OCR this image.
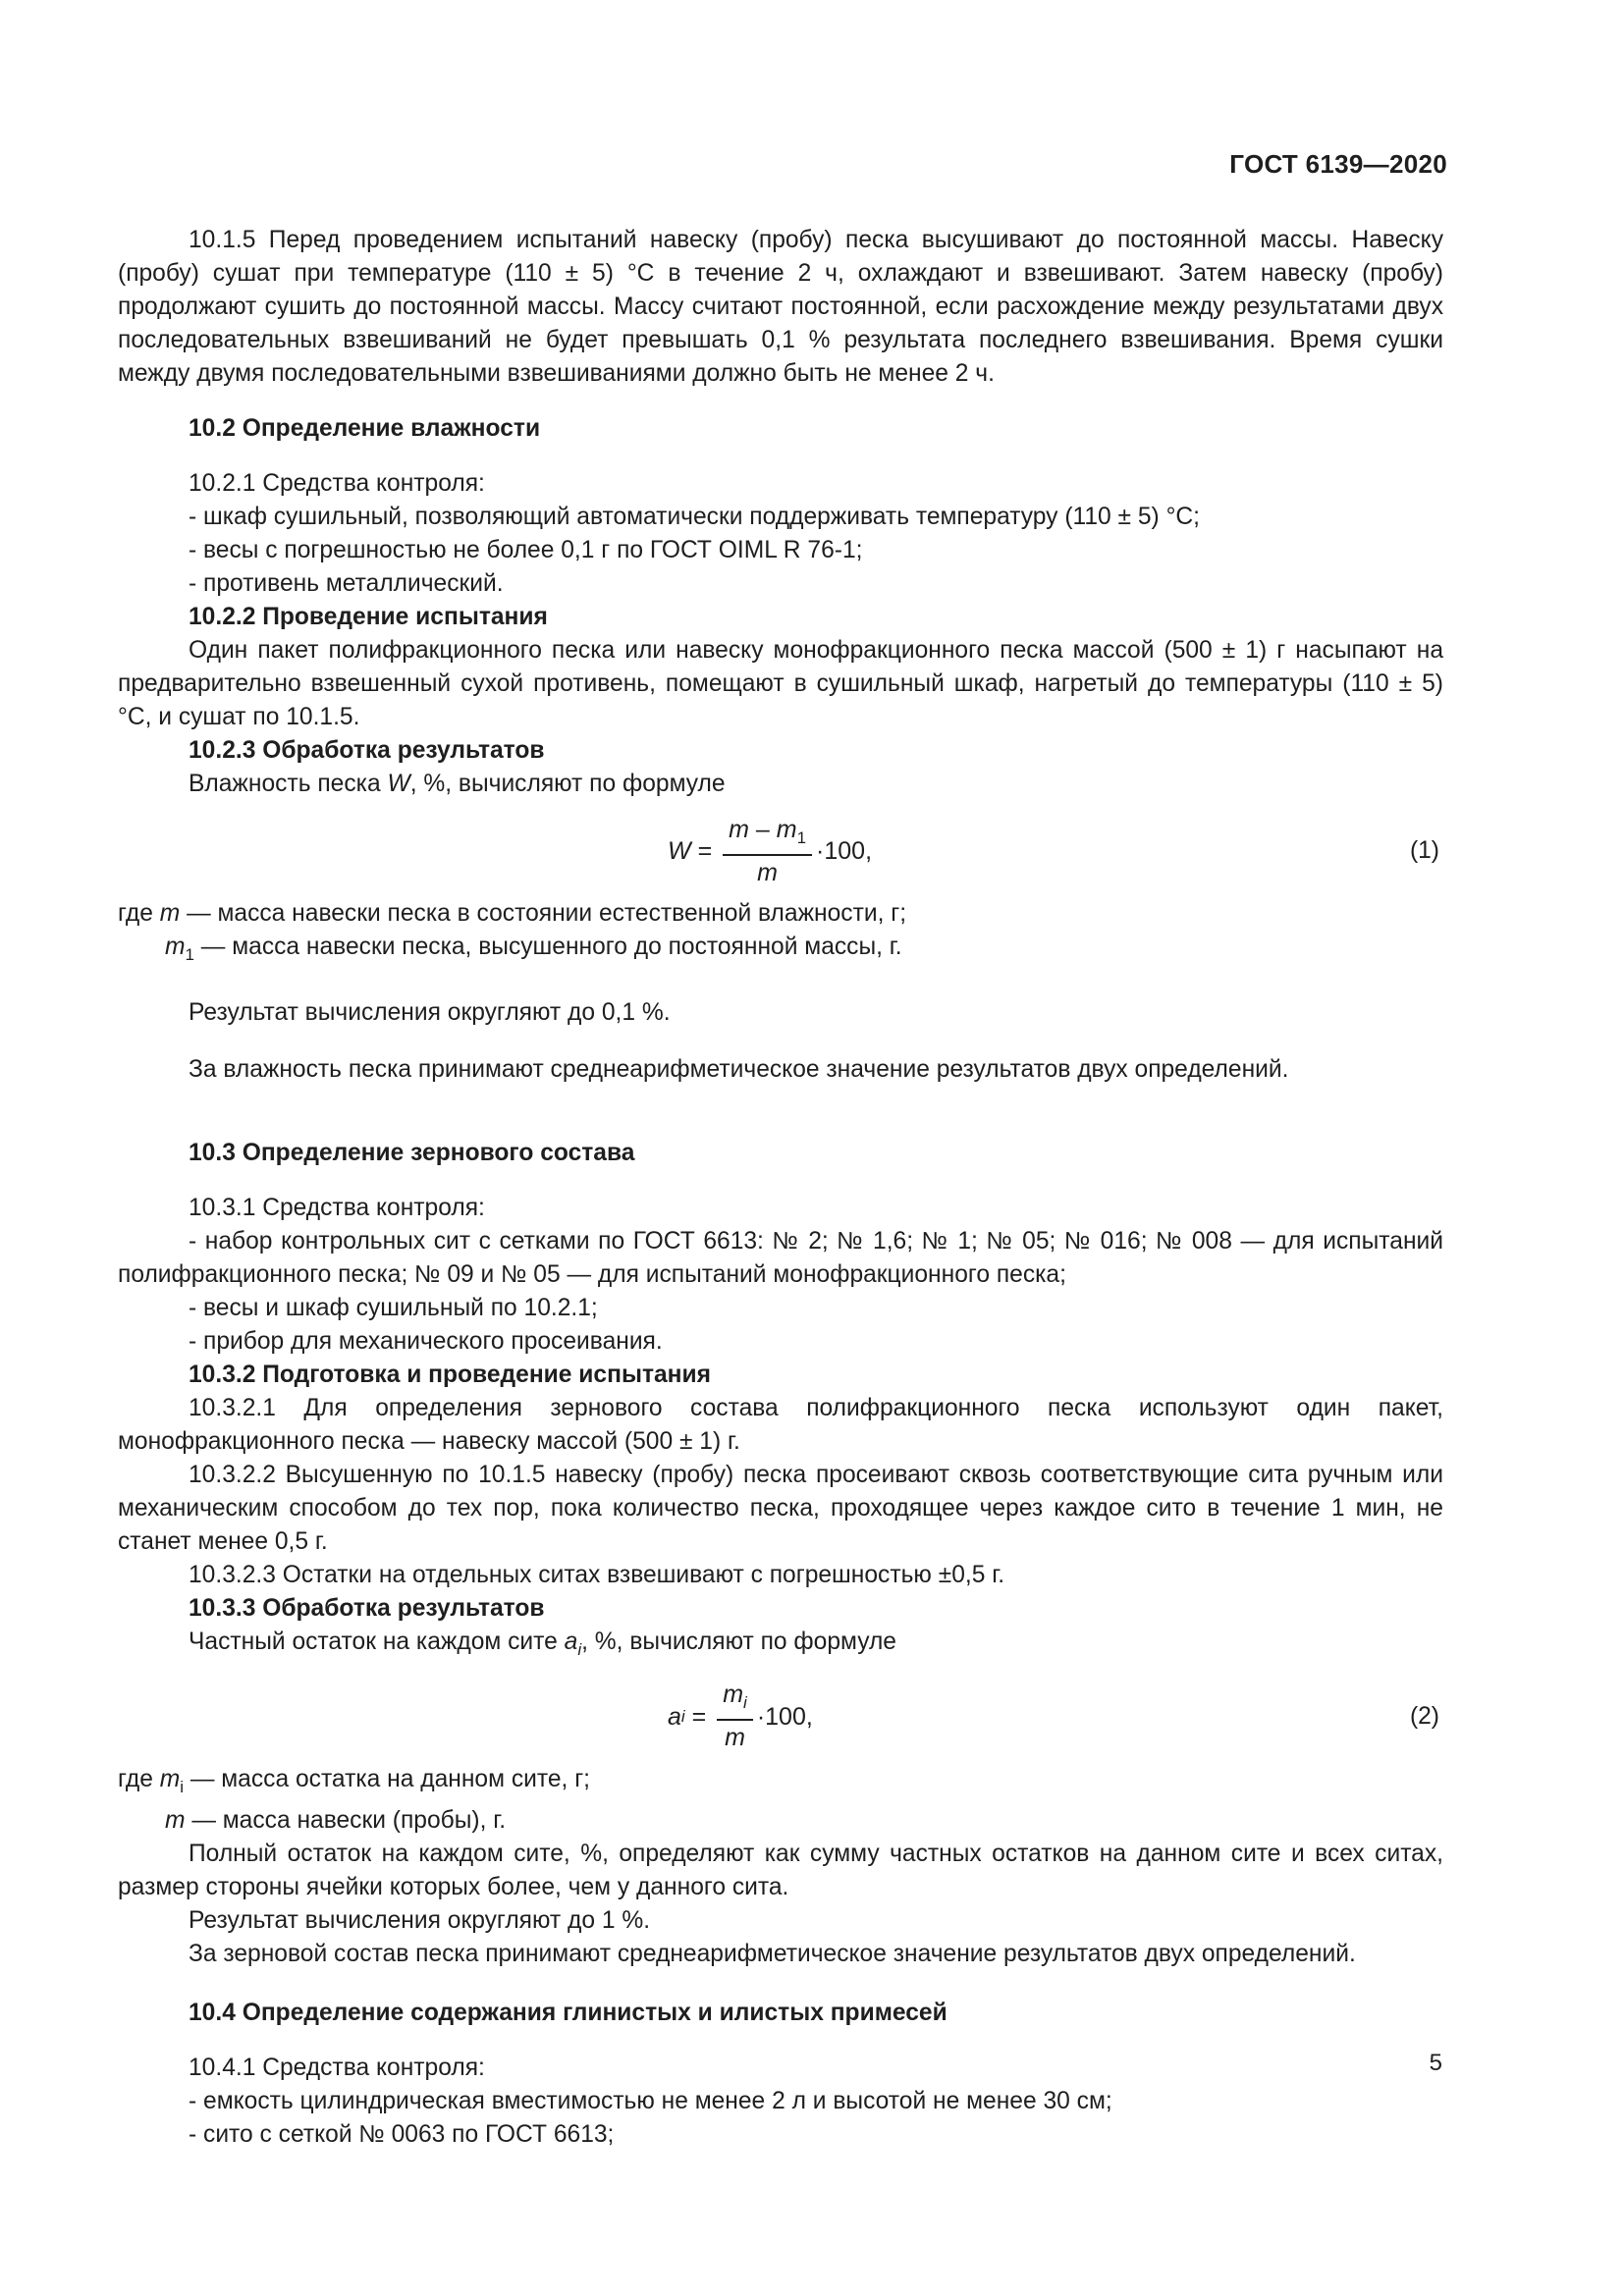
ГОСТ 6139—2020

10.1.5 Перед проведением испытаний навеску (пробу) песка высушивают до постоянной массы. Навеску (пробу) сушат при температуре (110 ± 5) °С в течение 2 ч, охлаждают и взвешивают. Затем навеску (пробу) продолжают сушить до постоянной массы. Массу считают постоянной, если расхождение между результатами двух последовательных взвешиваний не будет превышать 0,1 % результата последнего взвешивания. Время сушки между двумя последовательными взвешиваниями должно быть не менее 2 ч.

10.2 Определение влажности

10.2.1 Средства контроля:

- шкаф сушильный, позволяющий автоматически поддерживать температуру (110 ± 5) °С;

- весы с погрешностью не более 0,1 г по ГОСТ OIML R 76-1;

- противень металлический.

10.2.2 Проведение испытания

Один пакет полифракционного песка или навеску монофракционного песка массой (500 ± 1) г насыпают на предварительно взвешенный сухой противень, помещают в сушильный шкаф, нагретый до температуры (110 ± 5) °С, и сушат по 10.1.5.

10.2.3 Обработка результатов

Влажность песка W, %, вычисляют по формуле

W
=
$\frac{m - m_1}{m} \cdot 100$,	(1)

где m — масса навески песка в состоянии естественной влажности, г;

$m_1$ — масса навески песка, высушенного до постоянной массы, г.

Результат вычисления округляют до 0,1 %.

За влажность песка принимают среднеарифметическое значение результатов двух определений.

10.3 Определение зернового состава

10.3.1 Средства контроля:

- набор контрольных сит с сетками по ГОСТ 6613: № 2; № 1,6; № 1; № 05; № 016; № 008 — для испытаний полифракционного песка; № 09 и № 05 — для испытаний монофракционного песка;

- весы и шкаф сушильный по 10.2.1;

- прибор для механического просеивания.

10.3.2 Подготовка и проведение испытания

10.3.2.1 Для определения зернового состава полифракционного песка используют один пакет, монофракционного песка — навеску массой (500 ± 1) г.

10.3.2.2 Высушенную по 10.1.5 навеску (пробу) песка просеивают сквозь соответствующие сита ручным или механическим способом до тех пор, пока количество песка, проходящее через каждое сито в течение 1 мин, не станет менее 0,5 г.

10.3.2.3 Остатки на отдельных ситах взвешивают с погрешностью ±0,5 г.

10.3.3 Обработка результатов

Частный остаток на каждом сите $a_i$, %, вычисляют по формуле

a i
=
$\frac{m_i}{m} \cdot 100$,	(2)

где $m_i$ — масса остатка на данном сите, г;

m — масса навески (пробы), г.

Полный остаток на каждом сите, %, определяют как сумму частных остатков на данном сите и всех ситах, размер стороны ячейки которых более, чем у данного сита.

Результат вычисления округляют до 1 %.

За зерновой состав песка принимают среднеарифметическое значение результатов двух определений.

10.4 Определение содержания глинистых и илистых примесей

10.4.1 Средства контроля:

- емкость цилиндрическая вместимостью не менее 2 л и высотой не менее 30 см;

- сито с сеткой № 0063 по ГОСТ 6613;

5
